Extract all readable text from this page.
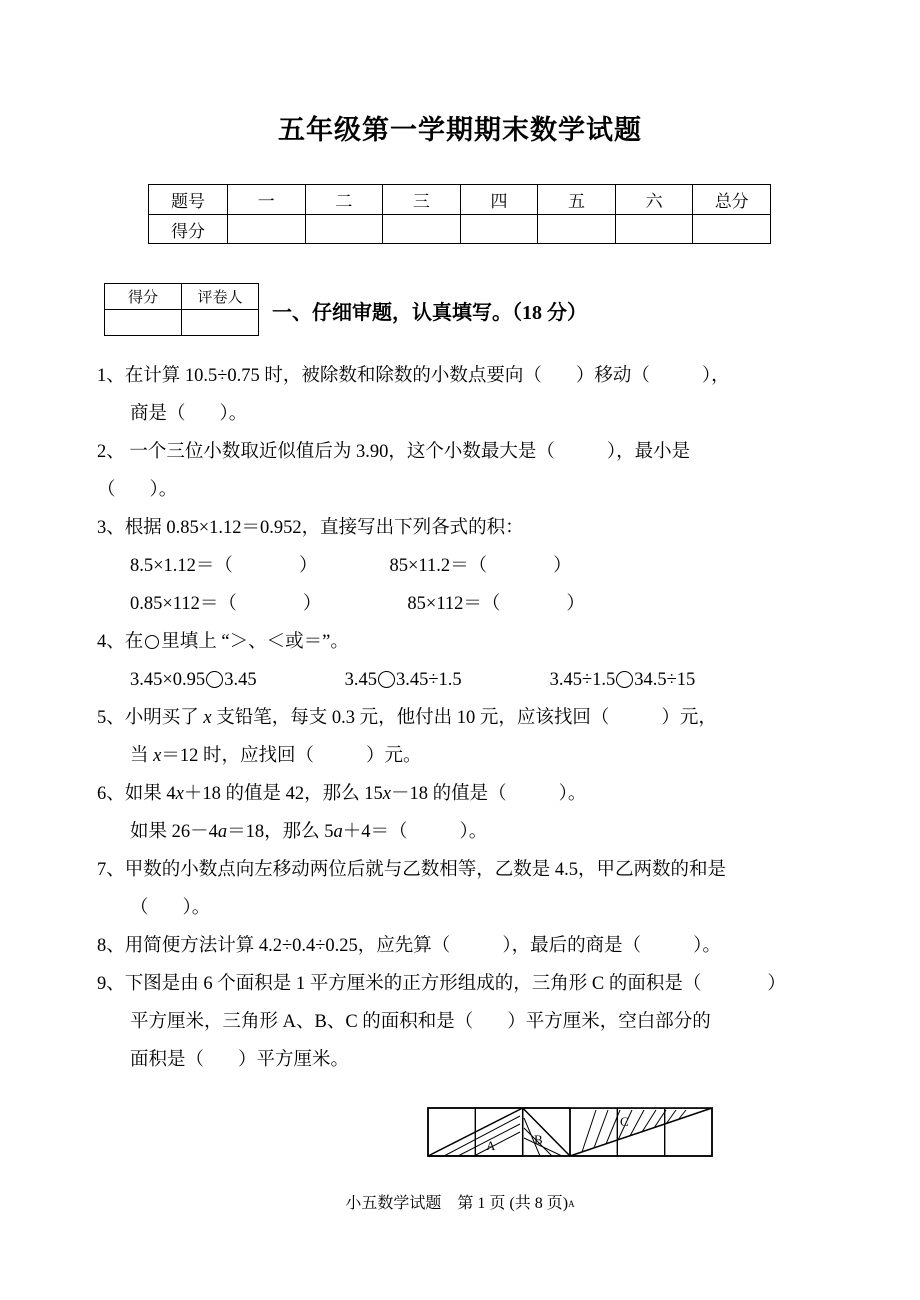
五年级第一学期期末数学试题
题号	一	二	三	四	五	六	总分
得分							
得分	评卷人

一、仔细审题，认真填写。（18 分）
1、在计算 10.5÷0.75 时，被除数和除数的小数点要向（ ）移动（	），
商是（ ）。
2、 一个三位小数取近似值后为 3.90，这个小数最大是（	），最小是
（ ）。
3、根据 0.85×1.12＝0.952，直接写出下列各式的积：
8.5×1.12＝（	）	85×11.2＝（	）
0.85×112＝（	）	85×112＝（	）
4、在 里填上 “＞、＜或＝”。
3.45×0.95 3.45	3.45 3.45÷1.5	3.45÷1.5 34.5÷15
5、小明买了 x 支铅笔，每支 0.3 元，他付出 10 元，应该找回（	）元，
当 x＝12 时，应找回（	）元。
6、如果 4x＋18 的值是 42，那么 15x－18 的值是（	）。
如果 26－4a＝18，那么 5a＋4＝（	）。
7、甲数的小数点向左移动两位后就与乙数相等，乙数是 4.5，甲乙两数的和是
（ ）。
8、用简便方法计算 4.2÷0.4÷0.25，应先算（	），最后的商是（	）。
9、下图是由 6 个面积是 1 平方厘米的正方形组成的，三角形 C 的面积是（	）
平方厘米，三角形 A、B、C 的面积和是（ ）平方厘米，空白部分的
面积是（ ）平方厘米。
A	B
C
小五数学试题　第 1 页 (共 8 页)A
